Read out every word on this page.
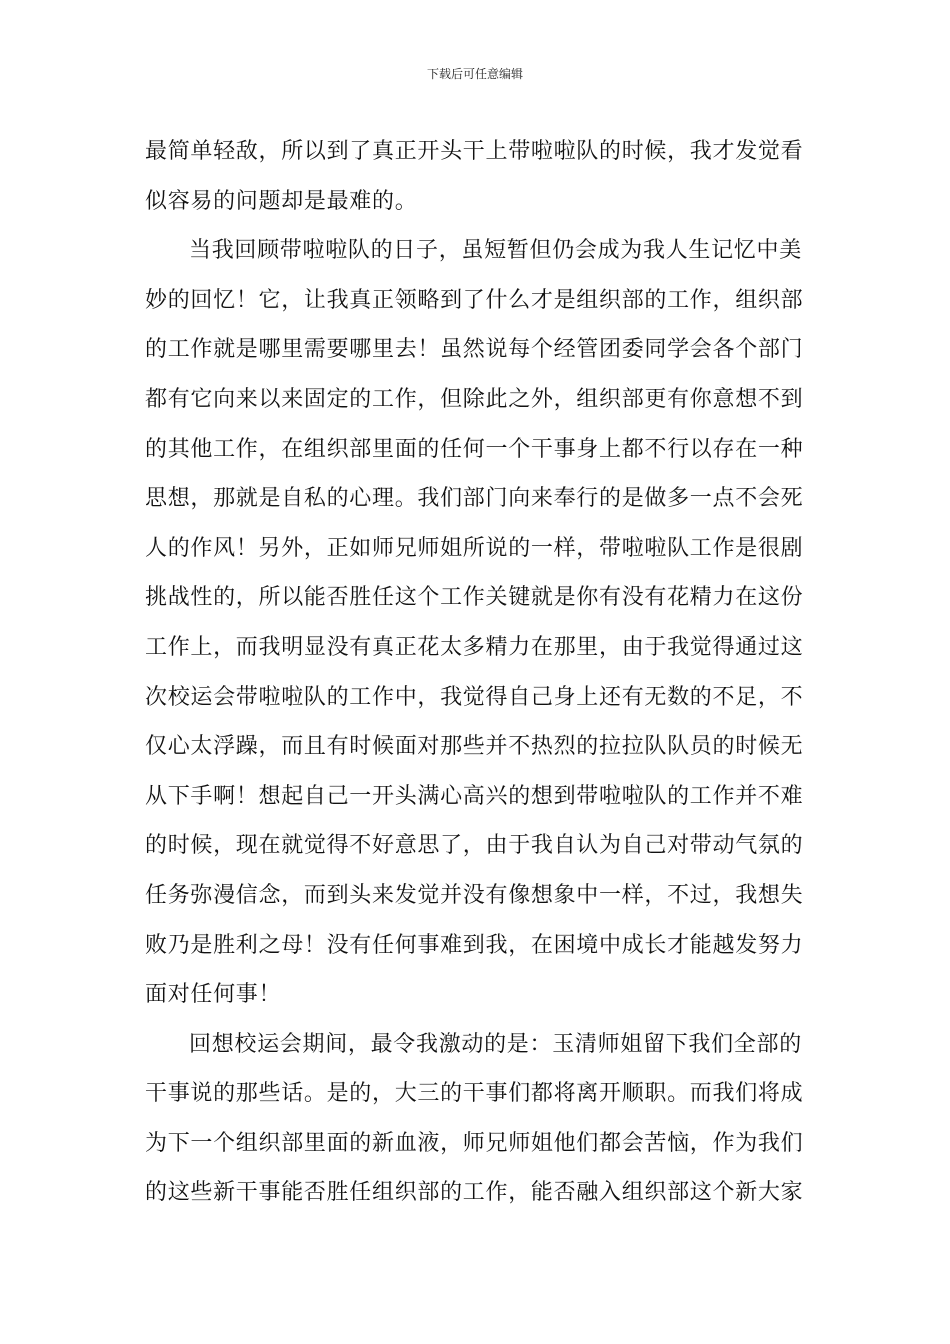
下载后可任意编辑
最简单轻敌，所以到了真正开头干上带啦啦队的时候，我才发觉看
似容易的问题却是最难的。
当我回顾带啦啦队的日子，虽短暂但仍会成为我人生记忆中美
妙的回忆！它，让我真正领略到了什么才是组织部的工作，组织部
的工作就是哪里需要哪里去！虽然说每个经管团委同学会各个部门
都有它向来以来固定的工作，但除此之外，组织部更有你意想不到
的其他工作，在组织部里面的任何一个干事身上都不行以存在一种
思想，那就是自私的心理。我们部门向来奉行的是做多一点不会死
人的作风！另外，正如师兄师姐所说的一样，带啦啦队工作是很剧
挑战性的，所以能否胜任这个工作关键就是你有没有花精力在这份
工作上，而我明显没有真正花太多精力在那里，由于我觉得通过这
次校运会带啦啦队的工作中，我觉得自己身上还有无数的不足，不
仅心太浮躁，而且有时候面对那些并不热烈的拉拉队队员的时候无
从下手啊！想起自己一开头满心高兴的想到带啦啦队的工作并不难
的时候，现在就觉得不好意思了，由于我自认为自己对带动气氛的
任务弥漫信念，而到头来发觉并没有像想象中一样，不过，我想失
败乃是胜利之母！没有任何事难到我，在困境中成长才能越发努力
面对任何事！
回想校运会期间，最令我激动的是：玉清师姐留下我们全部的
干事说的那些话。是的，大三的干事们都将离开顺职。而我们将成
为下一个组织部里面的新血液，师兄师姐他们都会苦恼，作为我们
的这些新干事能否胜任组织部的工作，能否融入组织部这个新大家
